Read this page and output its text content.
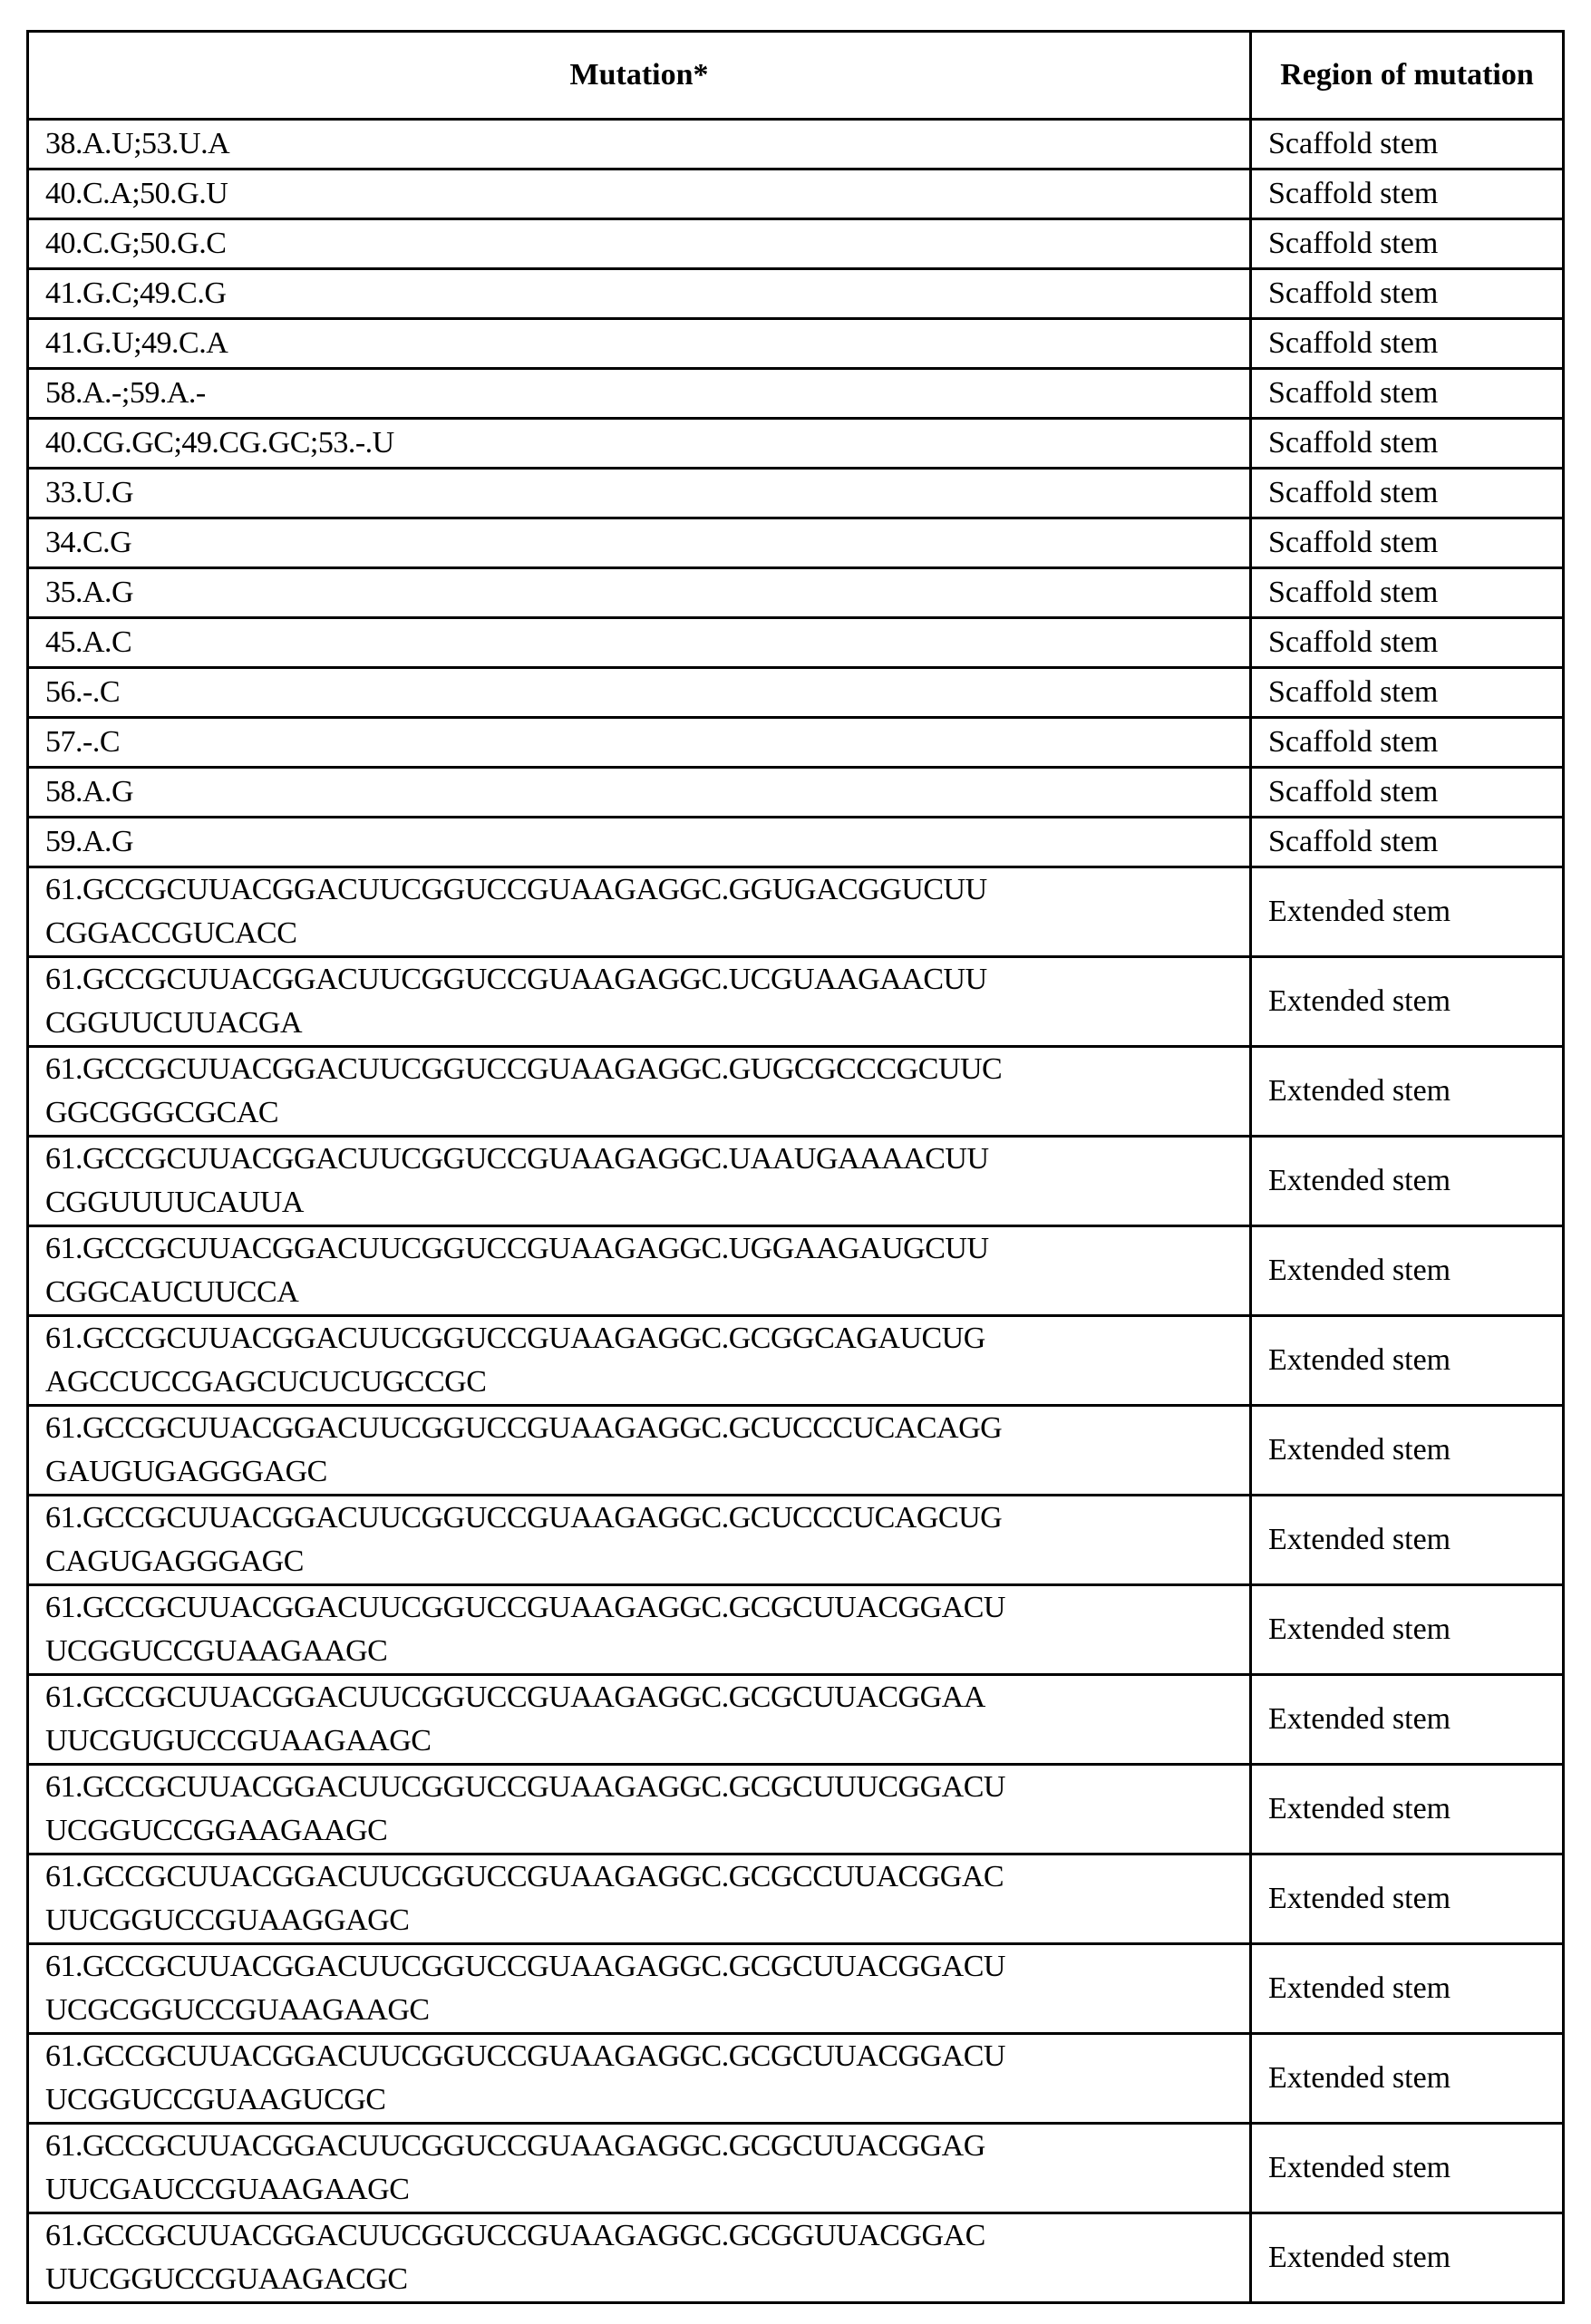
Mutation*	Region of mutation

38.A.U;53.U.A	Scaffold stem

40.C.A;50.G.U	Scaffold stem

40.C.G;50.G.C	Scaffold stem

41.G.C;49.C.G	Scaffold stem

41.G.U;49.C.A	Scaffold stem

58.A.-;59.A.-	Scaffold stem

40.CG.GC;49.CG.GC;53.-.U	Scaffold stem

33.U.G	Scaffold stem

34.C.G	Scaffold stem

35.A.G	Scaffold stem

45.A.C	Scaffold stem

56.-.C	Scaffold stem

57.-.C	Scaffold stem

58.A.G	Scaffold stem

59.A.G	Scaffold stem

61.GCCGCUUACGGACUUCGGUCCGUAAGAGGC.GGUGACGGUCUU
CGGACCGUCACC
	Extended stem

61.GCCGCUUACGGACUUCGGUCCGUAAGAGGC.UCGUAAGAACUU
CGGUUCUUACGA
	Extended stem

61.GCCGCUUACGGACUUCGGUCCGUAAGAGGC.GUGCGCCCGCUUC
GGCGGGCGCAC
	Extended stem

61.GCCGCUUACGGACUUCGGUCCGUAAGAGGC.UAAUGAAAACUU
CGGUUUUCAUUA
	Extended stem

61.GCCGCUUACGGACUUCGGUCCGUAAGAGGC.UGGAAGAUGCUU
CGGCAUCUUCCA
	Extended stem

61.GCCGCUUACGGACUUCGGUCCGUAAGAGGC.GCGGCAGAUCUG
AGCCUCCGAGCUCUCUGCCGC
	Extended stem

61.GCCGCUUACGGACUUCGGUCCGUAAGAGGC.GCUCCCUCACAGG
GAUGUGAGGGAGC
	Extended stem

61.GCCGCUUACGGACUUCGGUCCGUAAGAGGC.GCUCCCUCAGCUG
CAGUGAGGGAGC
	Extended stem

61.GCCGCUUACGGACUUCGGUCCGUAAGAGGC.GCGCUUACGGACU
UCGGUCCGUAAGAAGC
	Extended stem

61.GCCGCUUACGGACUUCGGUCCGUAAGAGGC.GCGCUUACGGAA
UUCGUGUCCGUAAGAAGC
	Extended stem

61.GCCGCUUACGGACUUCGGUCCGUAAGAGGC.GCGCUUUCGGACU
UCGGUCCGGAAGAAGC
	Extended stem

61.GCCGCUUACGGACUUCGGUCCGUAAGAGGC.GCGCCUUACGGAC
UUCGGUCCGUAAGGAGC
	Extended stem

61.GCCGCUUACGGACUUCGGUCCGUAAGAGGC.GCGCUUACGGACU
UCGCGGUCCGUAAGAAGC
	Extended stem

61.GCCGCUUACGGACUUCGGUCCGUAAGAGGC.GCGCUUACGGACU
UCGGUCCGUAAGUCGC
	Extended stem

61.GCCGCUUACGGACUUCGGUCCGUAAGAGGC.GCGCUUACGGAG
UUCGAUCCGUAAGAAGC
	Extended stem

61.GCCGCUUACGGACUUCGGUCCGUAAGAGGC.GCGGUUACGGAC
UUCGGUCCGUAAGACGC
	Extended stem
